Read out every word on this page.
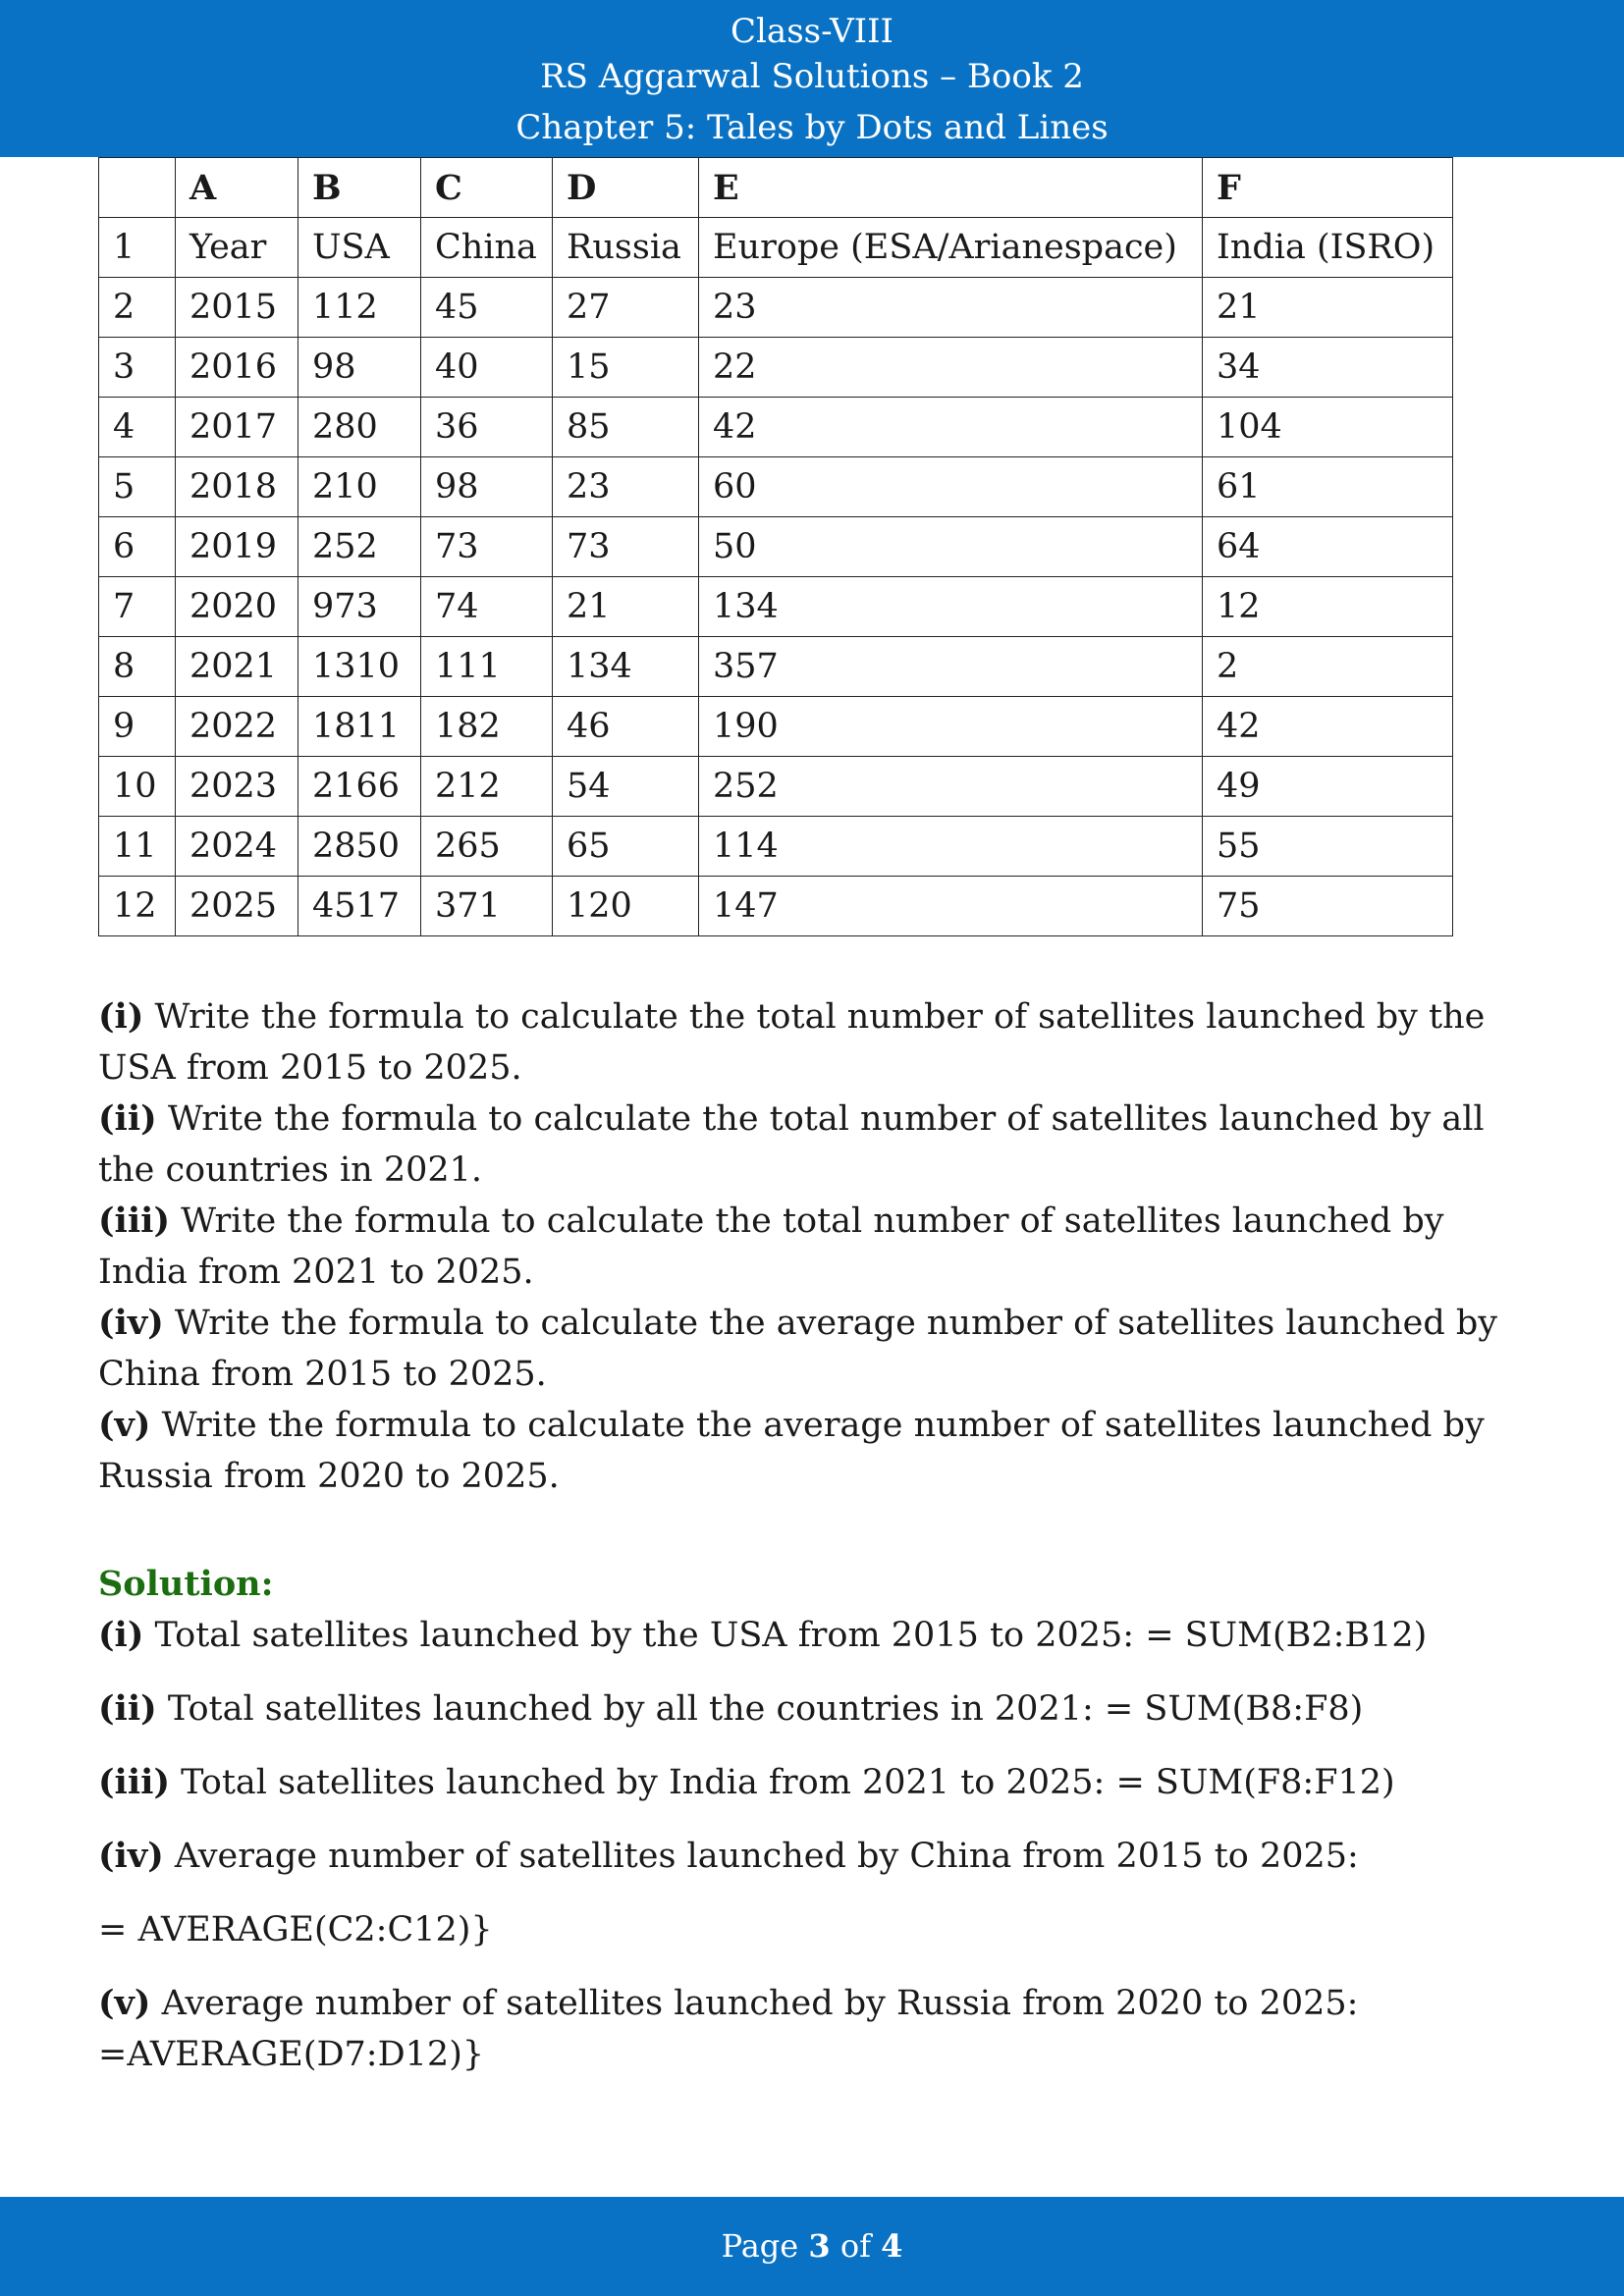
Class-VIII
RS Aggarwal Solutions – Book 2
Chapter 5: Tales by Dots and Lines
	A	B	C	D	E	F
1	Year	USA	China	Russia	Europe (ESA/Arianespace)	India (ISRO)
2	2015	112	45	27	23	21
3	2016	98	40	15	22	34
4	2017	280	36	85	42	104
5	2018	210	98	23	60	61
6	2019	252	73	73	50	64
7	2020	973	74	21	134	12
8	2021	1310	111	134	357	2
9	2022	1811	182	46	190	42
10	2023	2166	212	54	252	49
11	2024	2850	265	65	114	55
12	2025	4517	371	120	147	75
(i) Write the formula to calculate the total number of satellites launched by the USA from 2015 to 2025.
(ii) Write the formula to calculate the total number of satellites launched by all the countries in 2021.
(iii) Write the formula to calculate the total number of satellites launched by India from 2021 to 2025.
(iv) Write the formula to calculate the average number of satellites launched by China from 2015 to 2025.
(v) Write the formula to calculate the average number of satellites launched by Russia from 2020 to 2025.
Solution:
(i) Total satellites launched by the USA from 2015 to 2025: = SUM(B2:B12)
(ii) Total satellites launched by all the countries in 2021: = SUM(B8:F8)
(iii) Total satellites launched by India from 2021 to 2025: = SUM(F8:F12)
(iv) Average number of satellites launched by China from 2015 to 2025:
= AVERAGE(C2:C12)}
(v) Average number of satellites launched by Russia from 2020 to 2025:
=AVERAGE(D7:D12)}
Page 3 of 4
